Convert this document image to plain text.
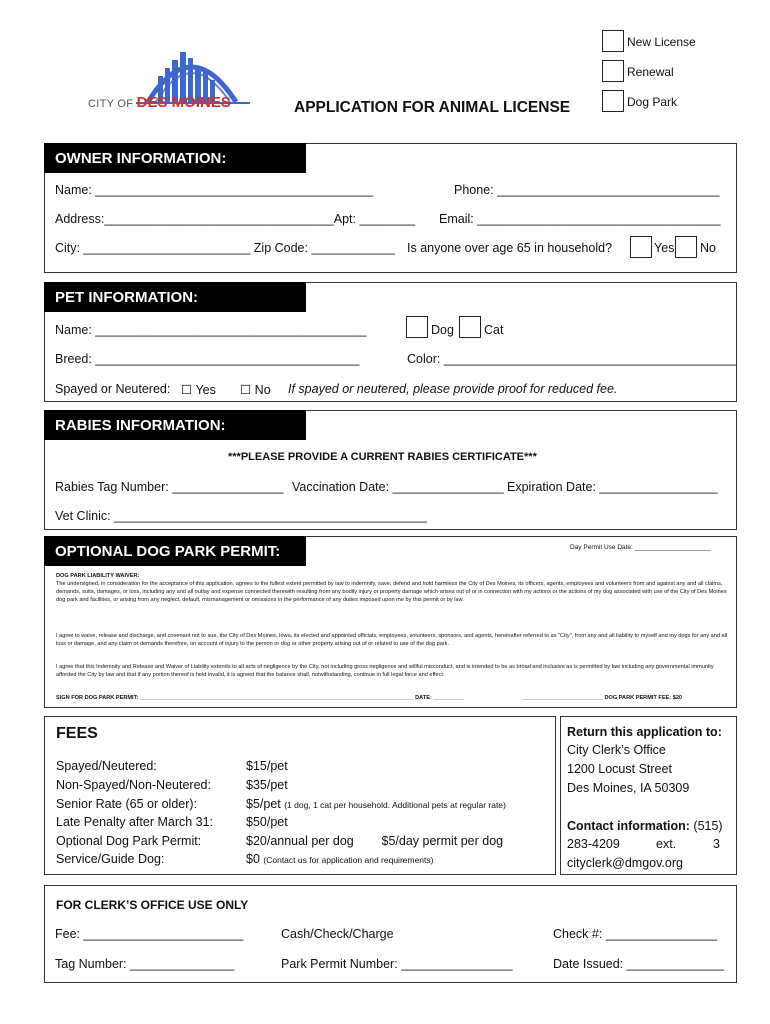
CITY OF DES MOINES	APPLICATION FOR ANIMAL LICENSE
New License
Renewal
Dog Park
OWNER INFORMATION:
Name: ________________________________________	Phone: ________________________________
Address:_________________________________Apt: ________ Email: ___________________________________
City: ________________________ Zip Code: ____________ Is anyone over age 65 in household?	Yes No
PET INFORMATION:
Name: _______________________________________	Dog Cat
Breed: ______________________________________	Color: __________________________________________
Spayed or Neutered: ☐ Yes ☐ No If spayed or neutered, please provide proof for reduced fee.
RABIES INFORMATION:
***PLEASE PROVIDE A CURRENT RABIES CERTIFICATE***
Rabies Tag Number: ________________ Vaccination Date: ________________ Expiration Date: _________________
Vet Clinic: _____________________________________________
OPTIONAL DOG PARK PERMIT:	Day Permit Use Date: _____________________
DOG PARK LIABILITY WAIVER:
The undersigned, in consideration for the acceptance of this application, agrees to the fullest extent permitted by law to indemnify, save, defend and hold harmless the City of Des Moines, its officers, agents, employees and volunteers from and against any and all claims, demands, suits, damages, or loss, including any and all outlay and expense connected therewith resulting from any bodily injury or property damage which arises out of or in connection with my actions or the actions of my dog associated with use of the City of Des Moines dog park and facilities, or arising from any neglect, default, mismanagement or omissions in the performance of any duties imposed upon me by this permit or by law.
I agree to waive, release and discharge, and covenant not to sue, the City of Des Moines, Iowa, its elected and appointed officials, employees, volunteers, sponsors, and agents, hereinafter referred to as "City", from any and all liability to myself and my dogs for any and all loss or damage, and any claim or demands therefore, on account of injury to the person or dog or other property arising out of or related to use of the dog park.
I agree that this Indemnity and Release and Waiver of Liability extends to all acts of negligence by the City, not including gross negligence and willful misconduct, and is intended to be as broad and inclusive as is permitted by law including any governmental immunity afforded the City by law and that if any portion thereof is held invalid, it is agreed that the balance shall, notwithstanding, continue in full legal force and effect.
SIGN FOR DOG PARK PERMIT: ________________________________________________________________________________________ DATE: __________	__________________________ DOG PARK PERMIT FEE: $20
FEES
Spayed/Neutered:	$15/pet
Non-Spayed/Non-Neutered:	$35/pet
Senior Rate (65 or older):	$5/pet (1 dog, 1 cat per household. Additional pets at regular rate)
Late Penalty after March 31:	$50/pet
Optional Dog Park Permit:	$20/annual per dog        $5/day permit per dog
Service/Guide Dog:	$0 (Contact us for application and requirements)
Return this application to:
City Clerk’s Office
1200 Locust Street
Des Moines, IA 50309
Contact information: (515)
283-4209	ext.	3
cityclerk@dmgov.org
FOR CLERK’S OFFICE USE ONLY
Fee: _______________________	Cash/Check/Charge	Check #: ________________
Tag Number: _______________	Park Permit Number: ________________	Date Issued: ______________
